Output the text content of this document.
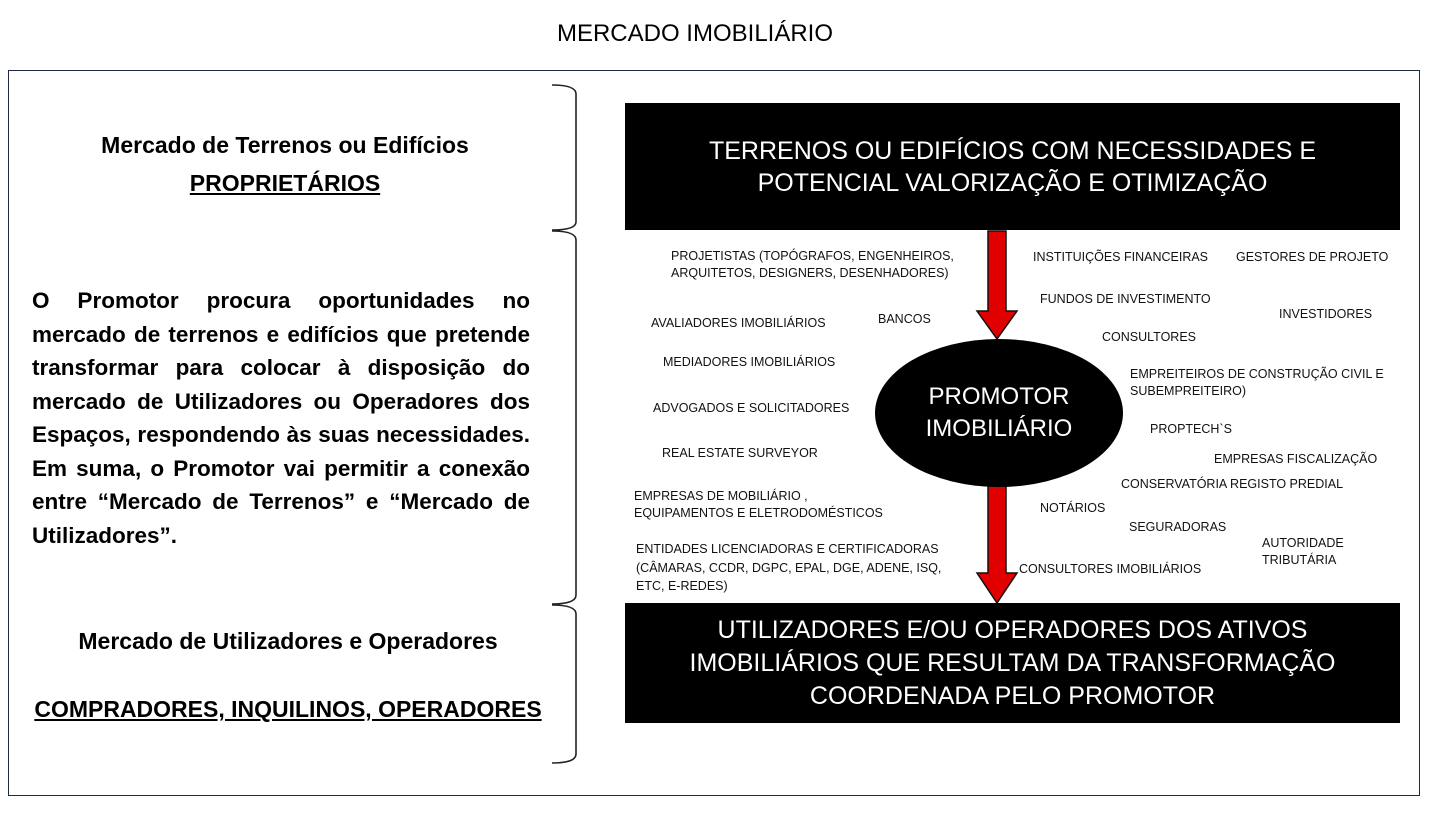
MERCADO IMOBILIÁRIO
Mercado de Terrenos ou Edifícios
PROPRIETÁRIOS
O Promotor procura oportunidades no mercado de terrenos e edifícios que pretende transformar para colocar à disposição do mercado de Utilizadores ou Operadores dos Espaços, respondendo às suas necessidades. Em suma, o Promotor vai permitir a conexão entre “Mercado de Terrenos” e “Mercado de Utilizadores”.
Mercado de Utilizadores e Operadores
COMPRADORES, INQUILINOS, OPERADORES
TERRENOS OU EDIFÍCIOS COM NECESSIDADES E POTENCIAL VALORIZAÇÃO E OTIMIZAÇÃO
PROMOTOR IMOBILIÁRIO
UTILIZADORES E/OU OPERADORES DOS ATIVOS IMOBILIÁRIOS QUE RESULTAM DA TRANSFORMAÇÃO COORDENADA PELO PROMOTOR
PROJETISTAS (TOPÓGRAFOS, ENGENHEIROS,
ARQUITETOS, DESIGNERS, DESENHADORES)
AVALIADORES IMOBILIÁRIOS	BANCOS
MEDIADORES IMOBILIÁRIOS
ADVOGADOS E SOLICITADORES
REAL ESTATE SURVEYOR
EMPRESAS DE MOBILIÁRIO ,
EQUIPAMENTOS E ELETRODOMÉSTICOS
ENTIDADES LICENCIADORAS E CERTIFICADORAS
(CÂMARAS, CCDR, DGPC, EPAL, DGE, ADENE, ISQ,
ETC, E-REDES)
INSTITUIÇÕES FINANCEIRAS GESTORES DE PROJETO
FUNDOS DE INVESTIMENTO
INVESTIDORES
CONSULTORES
EMPREITEIROS DE CONSTRUÇÃO CIVIL E
SUBEMPREITEIRO)
PROPTECH`S
EMPRESAS FISCALIZAÇÃO
CONSERVATÓRIA REGISTO PREDIAL
NOTÁRIOS
SEGURADORAS
AUTORIDADE
TRIBUTÁRIA
CONSULTORES IMOBILIÁRIOS
